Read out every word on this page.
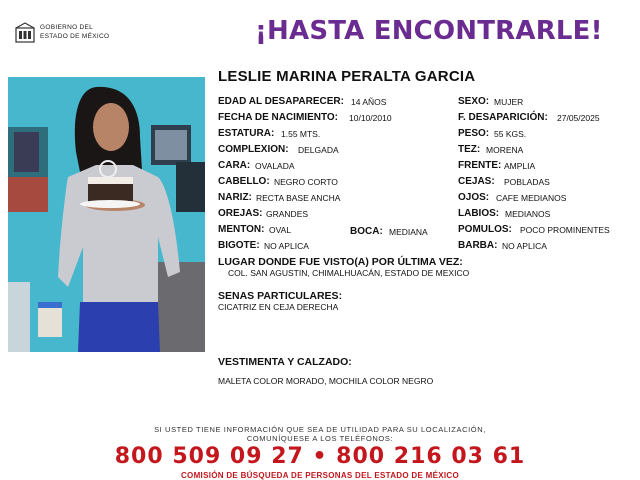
GOBIERNO DEL
ESTADO DE MÉXICO	¡HASTA ENCONTRARLE!
LESLIE MARINA PERALTA GARCIA
EDAD AL DESAPARECER: 14 AÑOS
FECHA DE NACIMIENTO: 10/10/2010
ESTATURA: 1.55 MTS.
COMPLEXION: DELGADA
CARA: OVALADA
CABELLO: NEGRO CORTO
NARIZ: RECTA BASE ANCHA
OREJAS: GRANDES
MENTON: OVAL	BOCA: MEDIANA
BIGOTE: NO APLICA
SEXO: MUJER
F. DESAPARICIÓN: 27/05/2025
PESO: 55 KGS.
TEZ: MORENA
FRENTE: AMPLIA
CEJAS: POBLADAS
OJOS: CAFE MEDIANOS
LABIOS: MEDIANOS
POMULOS: POCO PROMINENTES
BARBA: NO APLICA
LUGAR DONDE FUE VISTO(A) POR ÚLTIMA VEZ:
COL. SAN AGUSTIN, CHIMALHUACÁN, ESTADO DE MEXICO
SENAS PARTICULARES:
CICATRIZ EN CEJA DERECHA
VESTIMENTA Y CALZADO:
MALETA COLOR MORADO, MOCHILA COLOR NEGRO
SI USTED TIENE INFORMACIÓN QUE SEA DE UTILIDAD PARA SU LOCALIZACIÓN,
COMUNÍQUESE A LOS TELÉFONOS:
800 509 09 27 • 800 216 03 61
COMISIÓN DE BÚSQUEDA DE PERSONAS DEL ESTADO DE MÉXICO
